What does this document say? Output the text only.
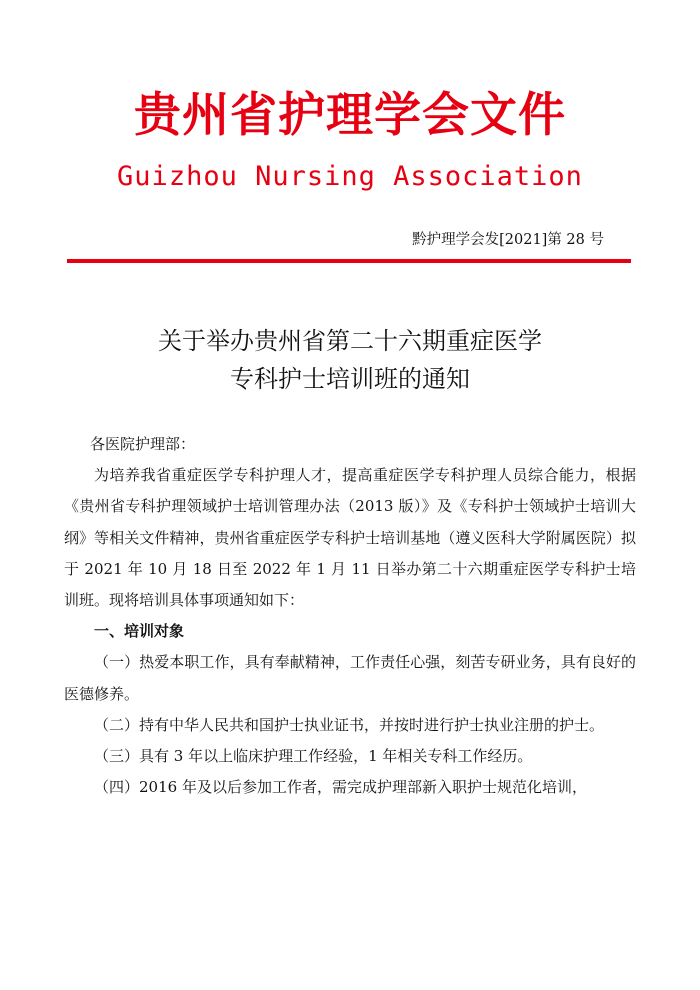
贵州省护理学会文件
Guizhou Nursing Association
黔护理学会发[2021]第 28 号
关于举办贵州省第二十六期重症医学
专科护士培训班的通知

各医院护理部：

为培养我省重症医学专科护理人才，提高重症医学专科护理人员综合能力，根据《贵州省专科护理领域护士培训管理办法（2013 版）》及《专科护士领域护士培训大纲》等相关文件精神，贵州省重症医学专科护士培训基地（遵义医科大学附属医院）拟于 2021 年 10 月 18 日至 2022 年 1 月 11 日举办第二十六期重症医学专科护士培训班。现将培训具体事项通知如下：

一、培训对象

（一）热爱本职工作，具有奉献精神，工作责任心强，刻苦专研业务，具有良好的医德修养。

（二）持有中华人民共和国护士执业证书，并按时进行护士执业注册的护士。

（三）具有 3 年以上临床护理工作经验，1 年相关专科工作经历。

（四）2016 年及以后参加工作者，需完成护理部新入职护士规范化培训，
